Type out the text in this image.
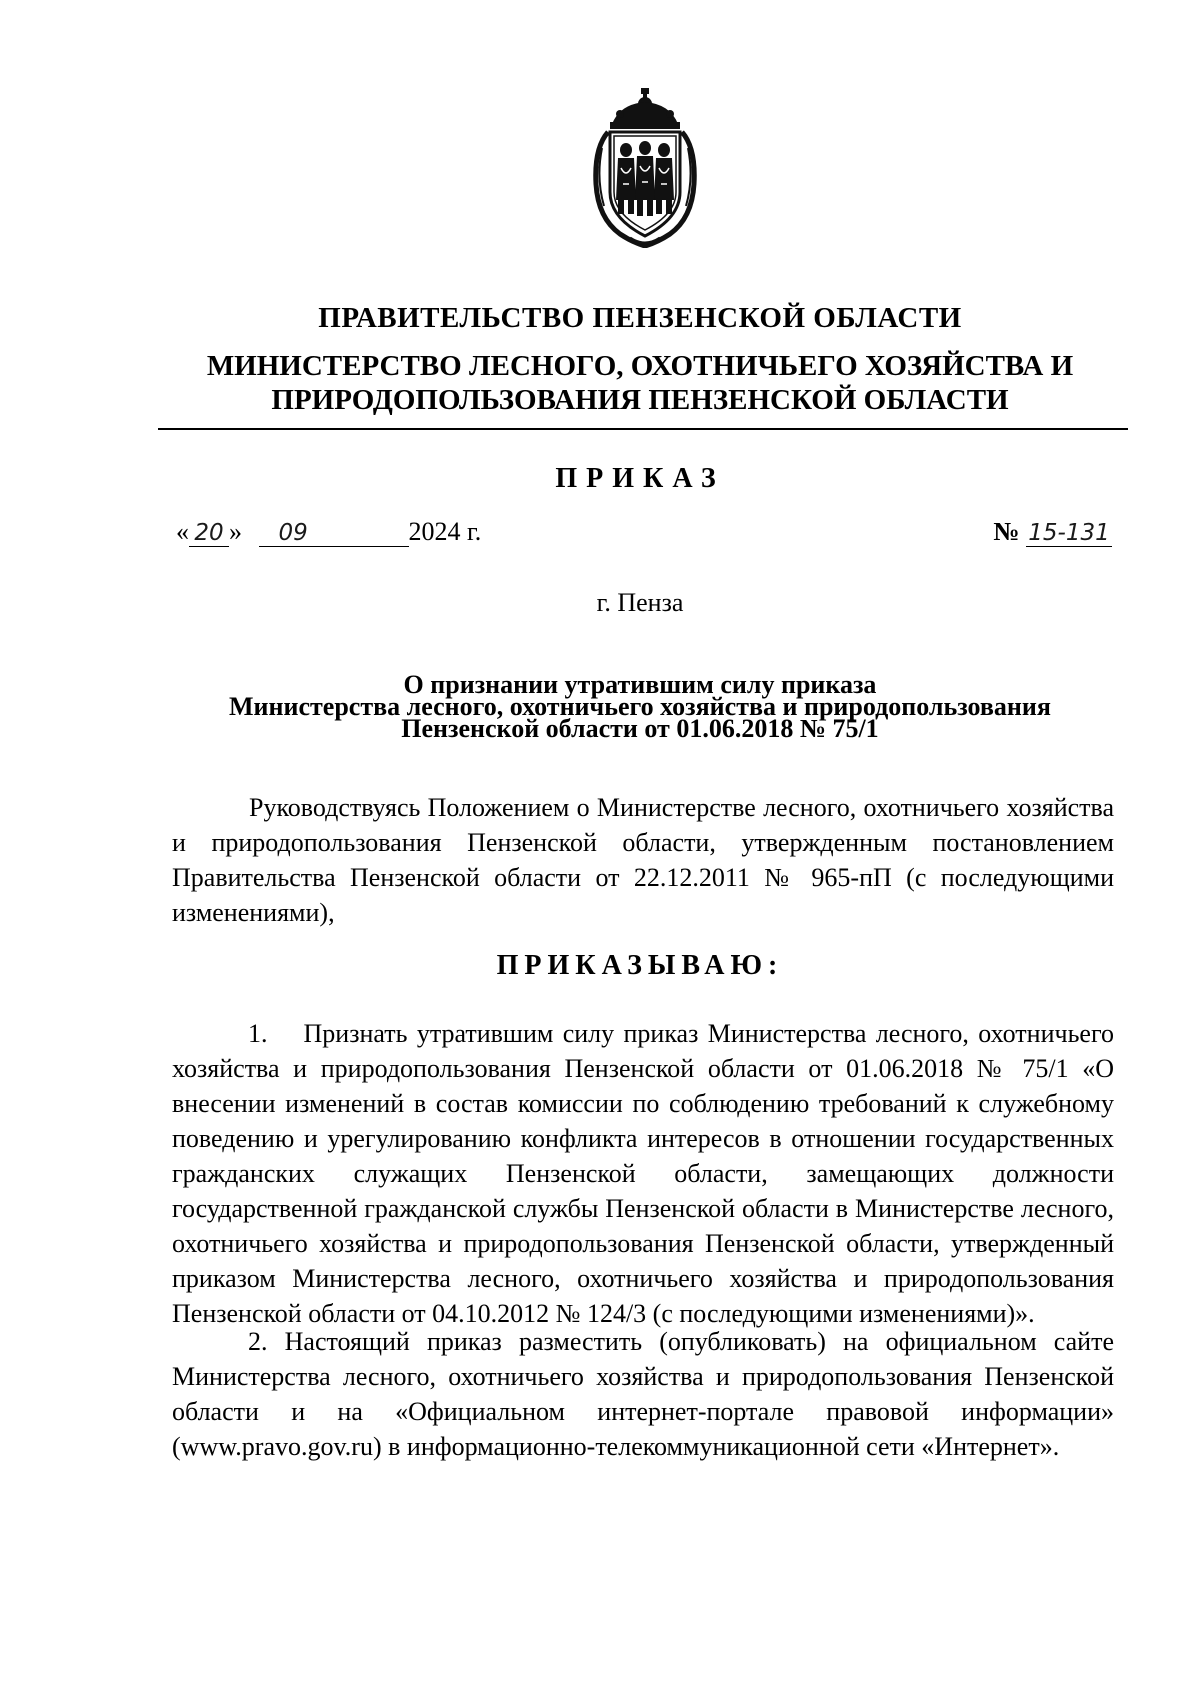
ПРАВИТЕЛЬСТВО ПЕНЗЕНСКОЙ ОБЛАСТИ
МИНИСТЕРСТВО ЛЕСНОГО, ОХОТНИЧЬЕГО ХОЗЯЙСТВА И
ПРИРОДОПОЛЬЗОВАНИЯ ПЕНЗЕНСКОЙ ОБЛАСТИ
ПРИКАЗ
« 20 » 09	2024 г.	№ 15-131
г. Пенза
О признании утратившим силу приказа
Министерства лесного, охотничьего хозяйства и природопользования
Пензенской области от 01.06.2018 № 75/1
Руководствуясь Положением о Министерстве лесного, охотничьего хозяйства и природопользования Пензенской области, утвержденным постановлением Правительства Пензенской области от 22.12.2011 № 965-пП (с последующими изменениями),
ПРИКАЗЫВАЮ:
1. Признать утратившим силу приказ Министерства лесного, охотничьего хозяйства и природопользования Пензенской области от 01.06.2018 № 75/1 «О внесении изменений в состав комиссии по соблюдению требований к служебному поведению и урегулированию конфликта интересов в отношении государственных гражданских служащих Пензенской области, замещающих должности государственной гражданской службы Пензенской области в Министерстве лесного, охотничьего хозяйства и природопользования Пензенской области, утвержденный приказом Министерства лесного, охотничьего хозяйства и природопользования Пензенской области от 04.10.2012 № 124/3 (с последующими изменениями)».
2. Настоящий приказ разместить (опубликовать) на официальном сайте Министерства лесного, охотничьего хозяйства и природопользования Пензенской области и на «Официальном интернет-портале правовой информации» (www.pravo.gov.ru) в информационно-телекоммуникационной сети «Интернет».
